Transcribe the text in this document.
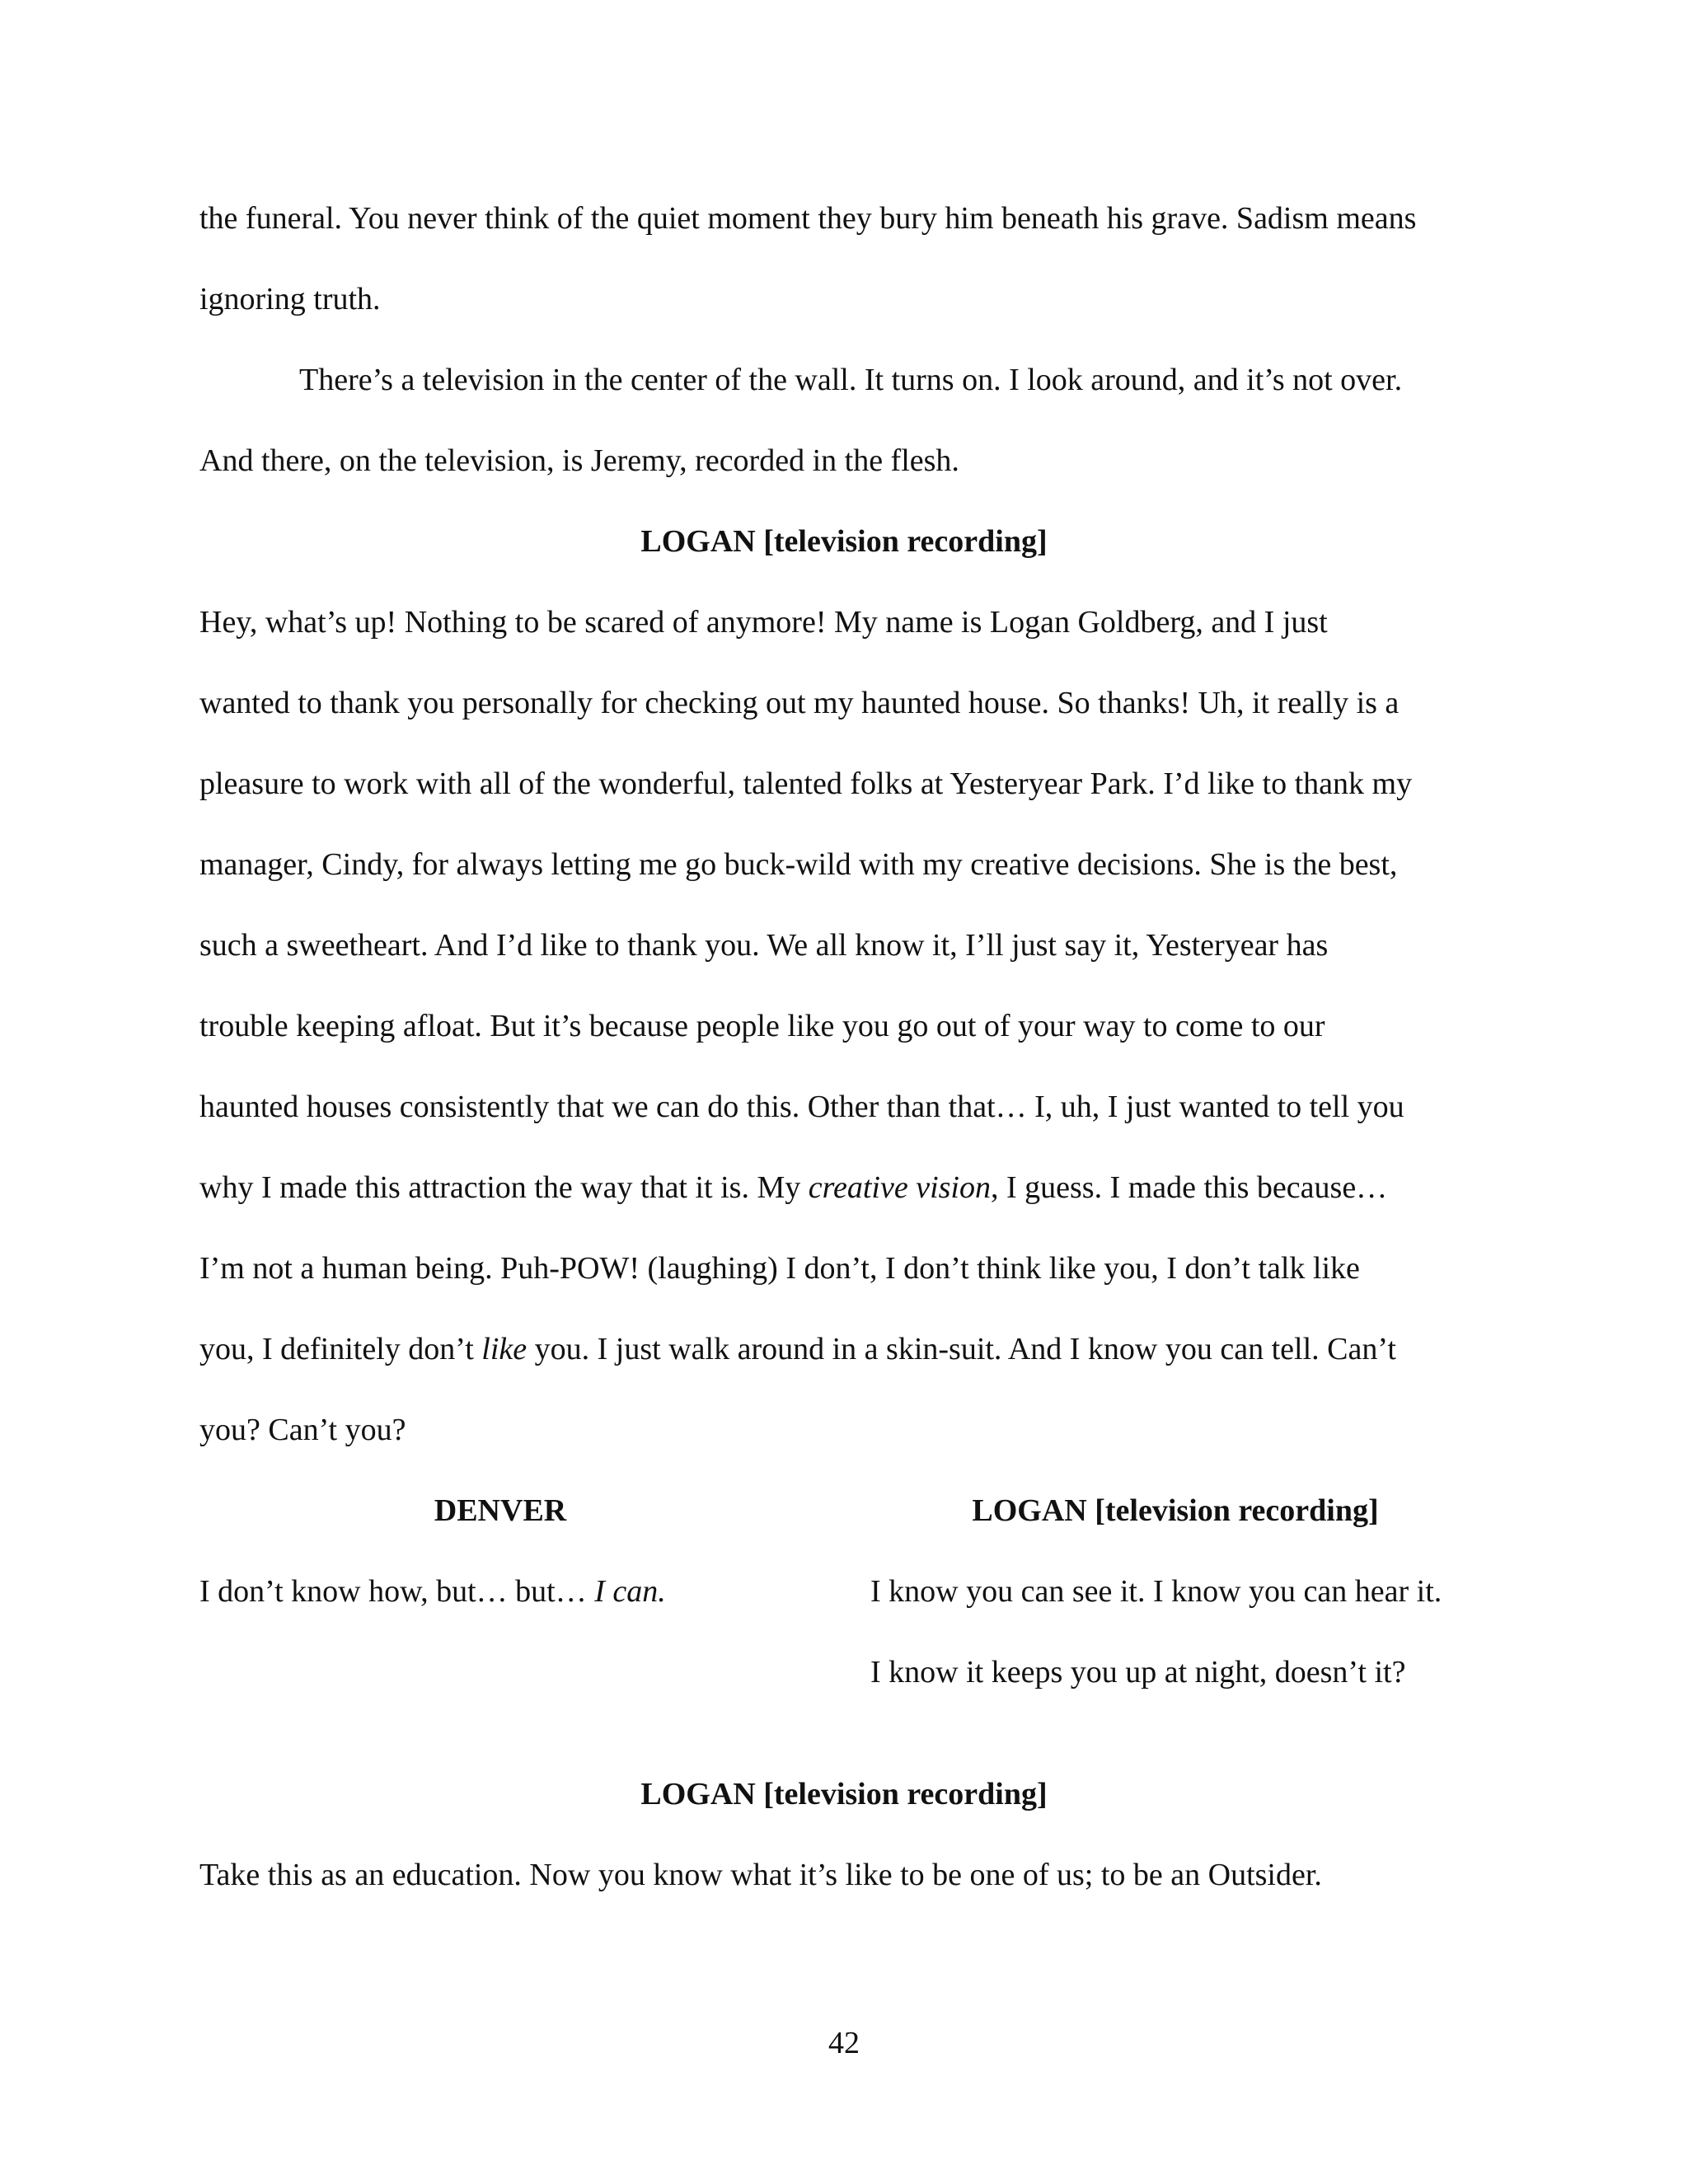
the funeral. You never think of the quiet moment they bury him beneath his grave. Sadism means

ignoring truth.

There’s a television in the center of the wall. It turns on. I look around, and it’s not over.

And there, on the television, is Jeremy, recorded in the flesh.

LOGAN [television recording]

Hey, what’s up! Nothing to be scared of anymore! My name is Logan Goldberg, and I just

wanted to thank you personally for checking out my haunted house. So thanks! Uh, it really is a

pleasure to work with all of the wonderful, talented folks at Yesteryear Park. I’d like to thank my

manager, Cindy, for always letting me go buck-wild with my creative decisions. She is the best,

such a sweetheart. And I’d like to thank you. We all know it, I’ll just say it, Yesteryear has

trouble keeping afloat. But it’s because people like you go out of your way to come to our

haunted houses consistently that we can do this. Other than that… I, uh, I just wanted to tell you

why I made this attraction the way that it is. My creative vision, I guess. I made this because…

I’m not a human being. Puh-POW! (laughing) I don’t, I don’t think like you, I don’t talk like

you, I definitely don’t like you. I just walk around in a skin-suit. And I know you can tell. Can’t

you? Can’t you?

DENVER	LOGAN [television recording]

I don’t know how, but… but… I can.	I know you can see it. I know you can hear it.

I know it keeps you up at night, doesn’t it?

LOGAN [television recording]

Take this as an education. Now you know what it’s like to be one of us; to be an Outsider.

42
